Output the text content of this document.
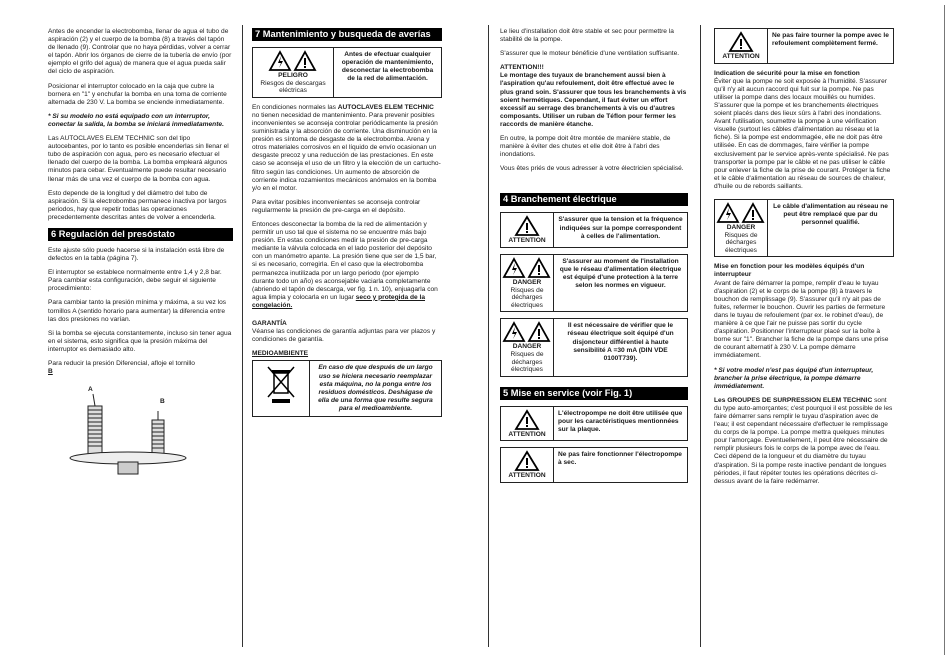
Antes de encender la electrobomba, llenar de agua el tubo de aspiración (2) y el cuerpo de la bomba (8) a través del tapón de llenado (9). Controlar que no haya pérdidas, volver a cerrar el tapón. Abrir los órganos de cierre de la tubería de envío (por ejemplo el grifo del agua) de manera que el agua pueda salir del ciclo de aspiración.

Posicionar el interruptor colocado en la caja que cubre la bornera en "1" y enchufar la bomba en una toma de corriente alternada de 230 V. La bomba se enciende inmediatamente.

* Si su modelo no está equipado con un interruptor, conectar la salida, la bomba se iniciará inmediatamente.

Las AUTOCLAVES ELEM TECHNIC son del tipo autocebantes, por lo tanto es posible encenderlas sin llenar el tubo de aspiración con agua, pero es necesario efectuar el llenado del cuerpo de la bomba. La bomba empleará algunos minutos para cebar. Eventualmente puede resultar necesario llenar más de una vez el cuerpo de la bomba con agua.

Esto depende de la longitud y del diámetro del tubo de aspiración. Si la electrobomba permanece inactiva por largos periodos, hay que repetir todas las operaciones precedentemente descritas antes de volver a encenderla.

6 Regulación del presóstato

Este ajuste sólo puede hacerse si la instalación está libre de defectos en la tabla (página 7).

El interruptor se establece normalmente entre 1,4 y 2,8 bar. Para cambiar esta configuración, debe seguir el siguiente procedimiento:

Para cambiar tanto la presión mínima y máxima, a su vez los tornillos A (sentido horario para aumentar) la diferencia entre las dos presiones no varían.

Si la bomba se ejecuta constantemente, incluso sin tener agua en el sistema, esto significa que la presión máxima del interruptor es demasiado alto.

Para reducir la presión Diferencial, afloje el tornillo
B

A
B
7 Mantenimiento y busqueda de averías
PELIGRO
Riesgos de descargas eléctricas
Antes de efectuar cualquier operación de mantenimiento, desconectar la electrobomba de la red de alimentación.

En condiciones normales las AUTOCLAVES ELEM TECHNIC no tienen necesidad de mantenimiento. Para prevenir posibles inconvenientes se aconseja controlar periódicamente la presión suministrada y la absorción de corriente. Una disminución en la presión es síntoma de desgaste de la electrobomba. Arena y otros materiales corrosivos en el líquido de envío ocasionan un desgaste precoz y una reducción de las prestaciones. En este caso se aconseja el uso de un filtro y la elección de un cartucho-filtro según las condiciones. Un aumento de absorción de corriente indica rozamientos mecánicos anómalos en la bomba y/o en el motor.

Para evitar posibles inconvenientes se aconseja controlar regularmente la presión de pre-carga en el depósito.

Entonces desconectar la bomba de la red de alimentación y permitir un uso tal que el sistema no se encuentre más bajo presión. En estas condiciones medir la presión de pre-carga mediante la válvula colocada en el lado posterior del depósito con un manómetro apante. La presión tiene que ser de 1,5 bar, si es necesario, corregirla. En el caso que la electrobomba permanezca inutilizada por un largo periodo (por ejemplo durante todo un año) es aconsejable vaciarla completamente (abriendo el tapón de descarga, ver fig. 1 n. 10), enjuagarla con agua limpia y colocarla en un lugar seco y protegida de la congelación.

GARANTÍA

Véanse las condiciones de garantía adjuntas para ver plazos y condiciones de garantía.

MEDIOAMBIENTE

En caso de que después de un largo uso se hiciera necesario reemplazar esta máquina, no la ponga entre los residuos domésticos. Deshágase de ella de una forma que resulte segura para el medioambiente.

Le lieu d'installation doit être stable et sec pour permettre la stabilité de la pompe.

S'assurer que le moteur bénéficie d'une ventilation suffisante.

ATTENTION!!!

Le montage des tuyaux de branchement aussi bien à l'aspiration qu'au refoulement, doit être effectué avec le plus grand soin. S'assurer que tous les branchements à vis soient hermétiques. Cependant, il faut éviter un effort excessif au serrage des branchements à vis ou d'autres composants. Utiliser un ruban de Téflon pour fermer les raccords de manière étanche.

En outre, la pompe doit être montée de manière stable, de manière à éviter des chutes et elle doit être à l'abri des inondations.

Vous êtes priés de vous adresser à votre électricien spécialisé.

4 Branchement électrique
ATTENTION
S'assurer que la tension et la fréquence indiquées sur la pompe correspondent à celles de l'alimentation.
DANGER
Risques de décharges électriques
S'assurer au moment de l'installation que le réseau d'alimentation électrique est équipé d'une protection à la terre selon les normes en vigueur.
DANGER
Risques de décharges électriques
Il est nécessaire de vérifier que le réseau électrique soit équipé d'un disjoncteur différentiel à haute sensibilité A =30 mA (DIN VDE 0100T739).
5 Mise en service (voir Fig. 1)
ATTENTION
L'électropompe ne doit être utilisée que pour les caractéristiques mentionnées sur la plaque.
ATTENTION
Ne pas faire fonctionner l'électropompe à sec.
ATTENTION
Ne pas faire tourner la pompe avec le refoulement complètement fermé.

Indication de sécurité pour la mise en fonction

Éviter que la pompe ne soit exposée à l'humidité. S'assurer qu'il n'y ait aucun raccord qui fuit sur la pompe. Ne pas utiliser la pompe dans des locaux mouillés ou humides. S'assurer que la pompe et les branchements électriques soient placés dans des lieux sûrs à l'abri des inondations. Avant l'utilisation, soumettre la pompe à une vérification visuelle (surtout les câbles d'alimentation au réseau et la fiche). Si la pompe est endommagée, elle ne doit pas être utilisée. En cas de dommages, faire vérifier la pompe exclusivement par le service après-vente spécialisé. Ne pas transporter la pompe par le câble et ne pas utiliser le câble pour enlever la fiche de la prise de courant. Protéger la fiche et le câble d'alimentation au réseau de sources de chaleur, d'huile ou de rebords saillants.

DANGER
Risques de décharges électriques
Le câble d'alimentation au réseau ne peut être remplacé que par du personnel qualifié.

Mise en fonction pour les modèles équipés d'un interrupteur

Avant de faire démarrer la pompe, remplir d'eau le tuyau d'aspiration (2) et le corps de la pompe (8) à travers le bouchon de remplissage (9). S'assurer qu'il n'y ait pas de fuites, refermer le bouchon. Ouvrir les parties de fermeture dans le tuyau de refoulement (par ex. le robinet d'eau), de manière à ce que l'air ne puisse pas sortir du cycle d'aspiration. Positionner l'interrupteur placé sur la boîte à borne sur "1". Brancher la fiche de la pompe dans une prise de courant alternatif à 230 V. La pompe démarre immédiatement.

* Si votre model n'est pas équipé d'un interrupteur, brancher la prise électrique, la pompe démarre immédiatement.

Les GROUPES DE SURPRESSION ELEM TECHNIC sont du type auto-amorçantes; c'est pourquoi il est possible de les faire démarrer sans remplir le tuyau d'aspiration avec de l'eau; il est cependant nécessaire d'effectuer le remplissage du corps de la pompe. La pompe mettra quelques minutes pour l'amorçage. Eventuellement, il peut être nécessaire de remplir plusieurs fois le corps de la pompe avec de l'eau. Ceci dépend de la longueur et du diamètre du tuyau d'aspiration. Si la pompe reste inactive pendant de longues périodes, il faut répéter toutes les opérations décrites ci-dessus avant de la faire redémarrer.
